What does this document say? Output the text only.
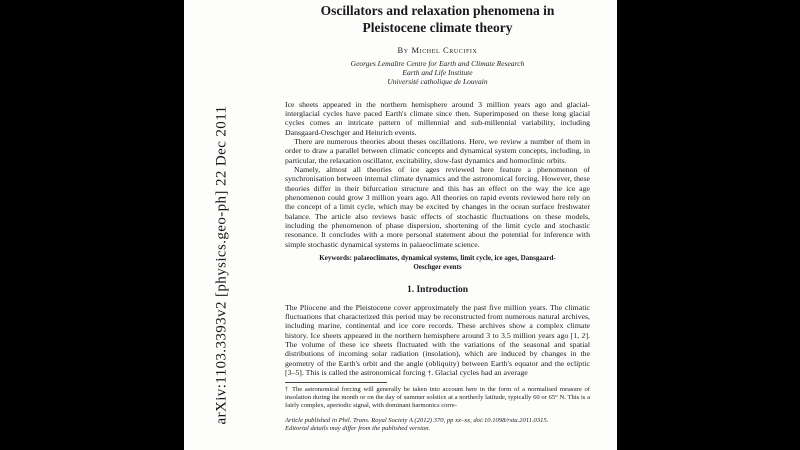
arXiv:1103.3393v2 [physics.geo-ph] 22 Dec 2011
Oscillators and relaxation phenomena in
Pleistocene climate theory
By Michel Crucifix
Georges Lemaître Centre for Earth and Climate Research
Earth and Life Institute
Université catholique de Louvain

Ice sheets appeared in the northern hemisphere around 3 million years ago and glacial-interglacial cycles have paced Earth's climate since then. Superimposed on these long glacial cycles comes an intricate pattern of millennial and sub-millennial variability, including Dansgaard-Oeschger and Heinrich events.

There are numerous theories about theses oscillations. Here, we review a number of them in order to draw a parallel between climatic concepts and dynamical system concepts, including, in particular, the relaxation oscillator, excitability, slow-fast dynamics and homoclinic orbits.

Namely, almost all theories of ice ages reviewed here feature a phenomenon of synchronisation between internal climate dynamics and the astronomical forcing. However, these theories differ in their bifurcation structure and this has an effect on the way the ice age phenomenon could grow 3 million years ago. All theories on rapid events reviewed here rely on the concept of a limit cycle, which may be excited by changes in the ocean surface freshwater balance. The article also reviews basic effects of stochastic fluctuations on these models, including the phenomenon of phase dispersion, shortening of the limit cycle and stochastic resonance. It concludes with a more personal statement about the potential for inference with simple stochastic dynamical systems in palaeoclimate science.

Keywords: palaeoclimates, dynamical systems, limit cycle, ice ages, Dansgaard-Oeschger events
1. Introduction

The Pliocene and the Pleistocene cover approximately the past five million years. The climatic fluctuations that characterized this period may be reconstructed from numerous natural archives, including marine, continental and ice core records. These archives show a complex climate history. Ice sheets appeared in the northern hemisphere around 3 to 3.5 million years ago [1, 2]. The volume of these ice sheets fluctuated with the variations of the seasonal and spatial distributions of incoming solar radiation (insolation), which are induced by changes in the geometry of the Earth's orbit and the angle (obliquity) between Earth's equator and the ecliptic [3–5]. This is called the astronomical forcing †. Glacial cycles had an average

† The astronomical forcing will generally be taken into account here in the form of a normalised measure of insolation during the month or on the day of summer solstice at a northerly latitude, typically 60 or 65° N. This is a fairly complex, aperiodic signal, with dominant harmonics corre-

Article published in Phil. Trans. Royal Society A (2012) 370, pp xx–xx, doi:10.1098/rsta.2011.0315.
Editorial details may differ from the published version.
